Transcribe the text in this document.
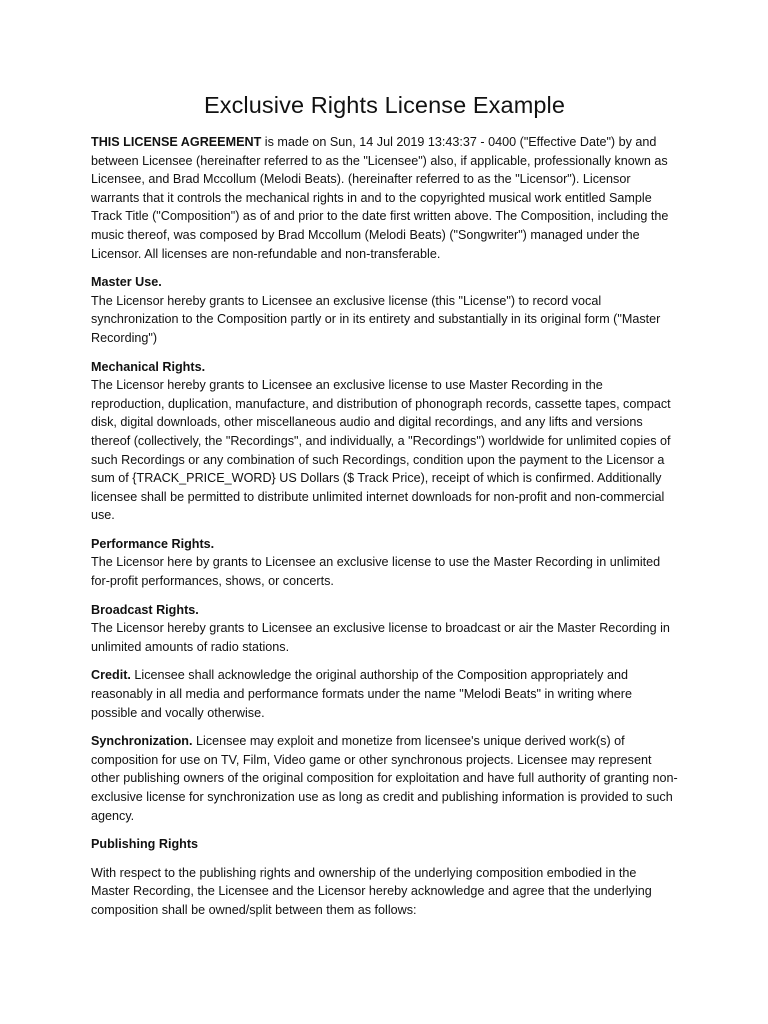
Exclusive Rights License Example

THIS LICENSE AGREEMENT is made on Sun, 14 Jul 2019 13:43:37 - 0400 ("Effective Date") by and between Licensee (hereinafter referred to as the "Licensee") also, if applicable, professionally known as Licensee, and Brad Mccollum (Melodi Beats). (hereinafter referred to as the "Licensor"). Licensor warrants that it controls the mechanical rights in and to the copyrighted musical work entitled Sample Track Title ("Composition") as of and prior to the date first written above. The Composition, including the music thereof, was composed by Brad Mccollum (Melodi Beats) ("Songwriter") managed under the Licensor. All licenses are non-refundable and non-transferable.

Master Use.

The Licensor hereby grants to Licensee an exclusive license (this "License") to record vocal synchronization to the Composition partly or in its entirety and substantially in its original form ("Master Recording")

Mechanical Rights.

The Licensor hereby grants to Licensee an exclusive license to use Master Recording in the reproduction, duplication, manufacture, and distribution of phonograph records, cassette tapes, compact disk, digital downloads, other miscellaneous audio and digital recordings, and any lifts and versions thereof (collectively, the "Recordings", and individually, a "Recordings") worldwide for unlimited copies of such Recordings or any combination of such Recordings, condition upon the payment to the Licensor a sum of {TRACK_PRICE_WORD} US Dollars ($ Track Price), receipt of which is confirmed. Additionally licensee shall be permitted to distribute unlimited internet downloads for non-profit and non-commercial use.

Performance Rights.

The Licensor here by grants to Licensee an exclusive license to use the Master Recording in unlimited for-profit performances, shows, or concerts.

Broadcast Rights.

The Licensor hereby grants to Licensee an exclusive license to broadcast or air the Master Recording in unlimited amounts of radio stations.

Credit. Licensee shall acknowledge the original authorship of the Composition appropriately and reasonably in all media and performance formats under the name "Melodi Beats" in writing where possible and vocally otherwise.

Synchronization. Licensee may exploit and monetize from licensee's unique derived work(s) of composition for use on TV, Film, Video game or other synchronous projects. Licensee may represent other publishing owners of the original composition for exploitation and have full authority of granting non-exclusive license for synchronization use as long as credit and publishing information is provided to such agency.

Publishing Rights

With respect to the publishing rights and ownership of the underlying composition embodied in the Master Recording, the Licensee and the Licensor hereby acknowledge and agree that the underlying composition shall be owned/split between them as follows:
